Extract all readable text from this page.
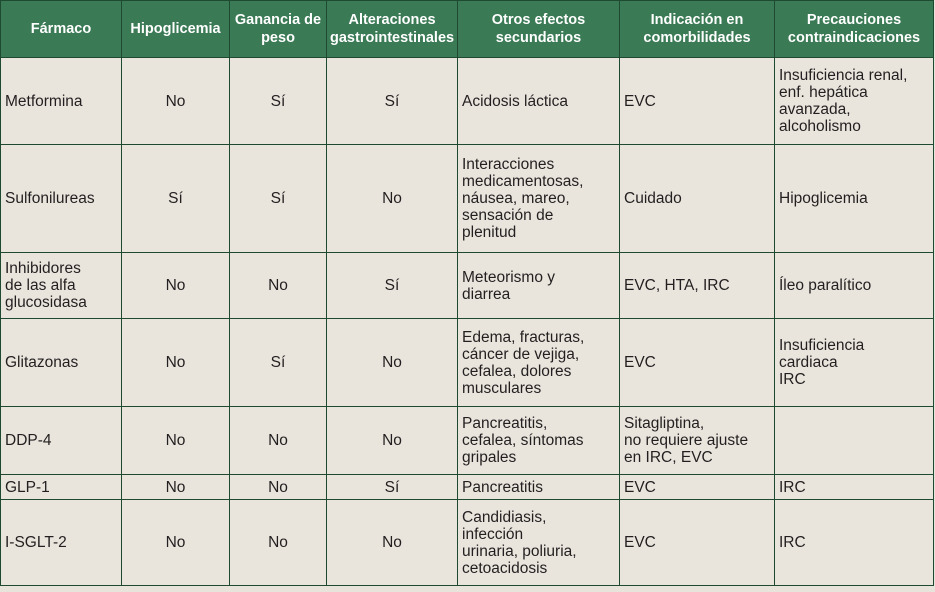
Fármaco	Hipoglicemia	Ganancia de peso	Alteraciones gastrointestinales	Otros efectos secundarios	Indicación en comorbilidades	Precauciones contraindicaciones
Metformina	No	Sí	Sí	Acidosis láctica	EVC	Insuficiencia renal,
enf. hepática
avanzada,
alcoholismo
Sulfonilureas	Sí	Sí	No	Interacciones
medicamentosas,
náusea, mareo,
sensación de
plenitud	Cuidado	Hipoglicemia
Inhibidores
de las alfa
glucosidasa	No	No	Sí	Meteorismo y
diarrea	EVC, HTA, IRC	Íleo paralítico
Glitazonas	No	Sí	No	Edema, fracturas,
cáncer de vejiga,
cefalea, dolores
musculares	EVC	Insuficiencia
cardiaca
IRC
DDP-4	No	No	No	Pancreatitis,
cefalea, síntomas
gripales	Sitagliptina,
no requiere ajuste
en IRC, EVC	
GLP-1	No	No	Sí	Pancreatitis	EVC	IRC
I-SGLT-2	No	No	No	Candidiasis,
infección
urinaria, poliuria,
cetoacidosis	EVC	IRC
